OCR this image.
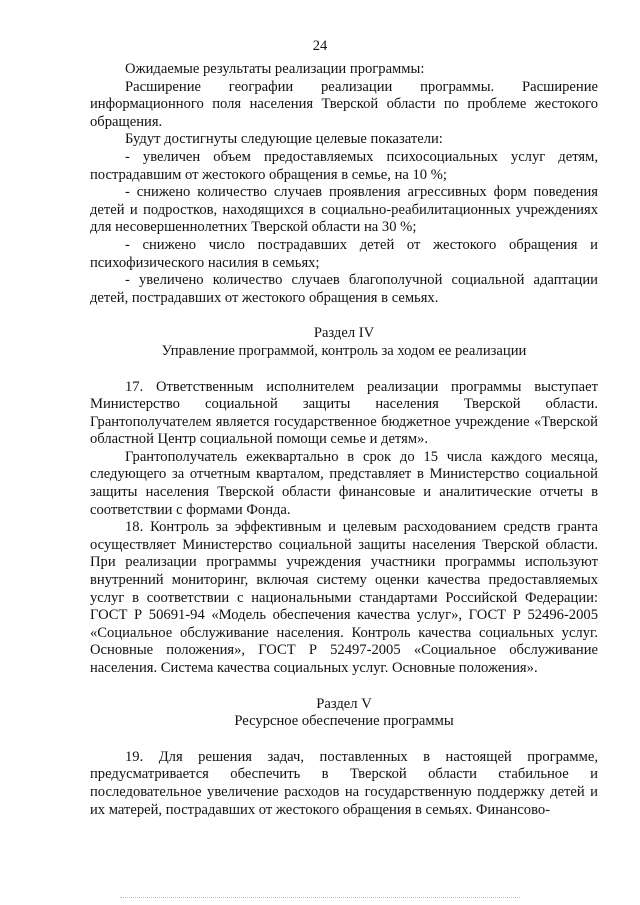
24

Ожидаемые результаты реализации программы:

Расширение географии реализации программы. Расширение информационного поля населения Тверской области по проблеме жестокого обращения.

Будут достигнуты следующие целевые показатели:

- увеличен объем предоставляемых психосоциальных услуг детям, пострадавшим от жестокого обращения в семье, на 10 %;

- снижено количество случаев проявления агрессивных форм поведения детей и подростков, находящихся в социально-реабилитационных учреждениях для несовершеннолетних Тверской области на 30 %;

- снижено число пострадавших детей от жестокого обращения и психофизического насилия в семьях;

- увеличено количество случаев благополучной социальной адаптации детей, пострадавших от жестокого обращения в семьях.

Раздел IV

Управление программой, контроль за ходом ее реализации

17. Ответственным исполнителем реализации программы выступает Министерство социальной защиты населения Тверской области. Грантополучателем является государственное бюджетное учреждение «Тверской областной Центр социальной помощи семье и детям».

Грантополучатель ежеквартально в срок до 15 числа каждого месяца, следующего за отчетным кварталом, представляет в Министерство социальной защиты населения Тверской области финансовые и аналитические отчеты в соответствии с формами Фонда.

18. Контроль за эффективным и целевым расходованием средств гранта осуществляет Министерство социальной защиты населения Тверской области. При реализации программы учреждения участники программы используют внутренний мониторинг, включая систему оценки качества предоставляемых услуг в соответствии с национальными стандартами Российской Федерации: ГОСТ Р 50691-94 «Модель обеспечения качества услуг», ГОСТ Р 52496-2005 «Социальное обслуживание населения. Контроль качества социальных услуг. Основные положения», ГОСТ Р 52497-2005 «Социальное обслуживание населения. Система качества социальных услуг. Основные положения».

Раздел V

Ресурсное обеспечение программы

19. Для решения задач, поставленных в настоящей программе, предусматривается обеспечить в Тверской области стабильное и последовательное увеличение расходов на государственную поддержку детей и их матерей, пострадавших от жестокого обращения в семьях. Финансово-
